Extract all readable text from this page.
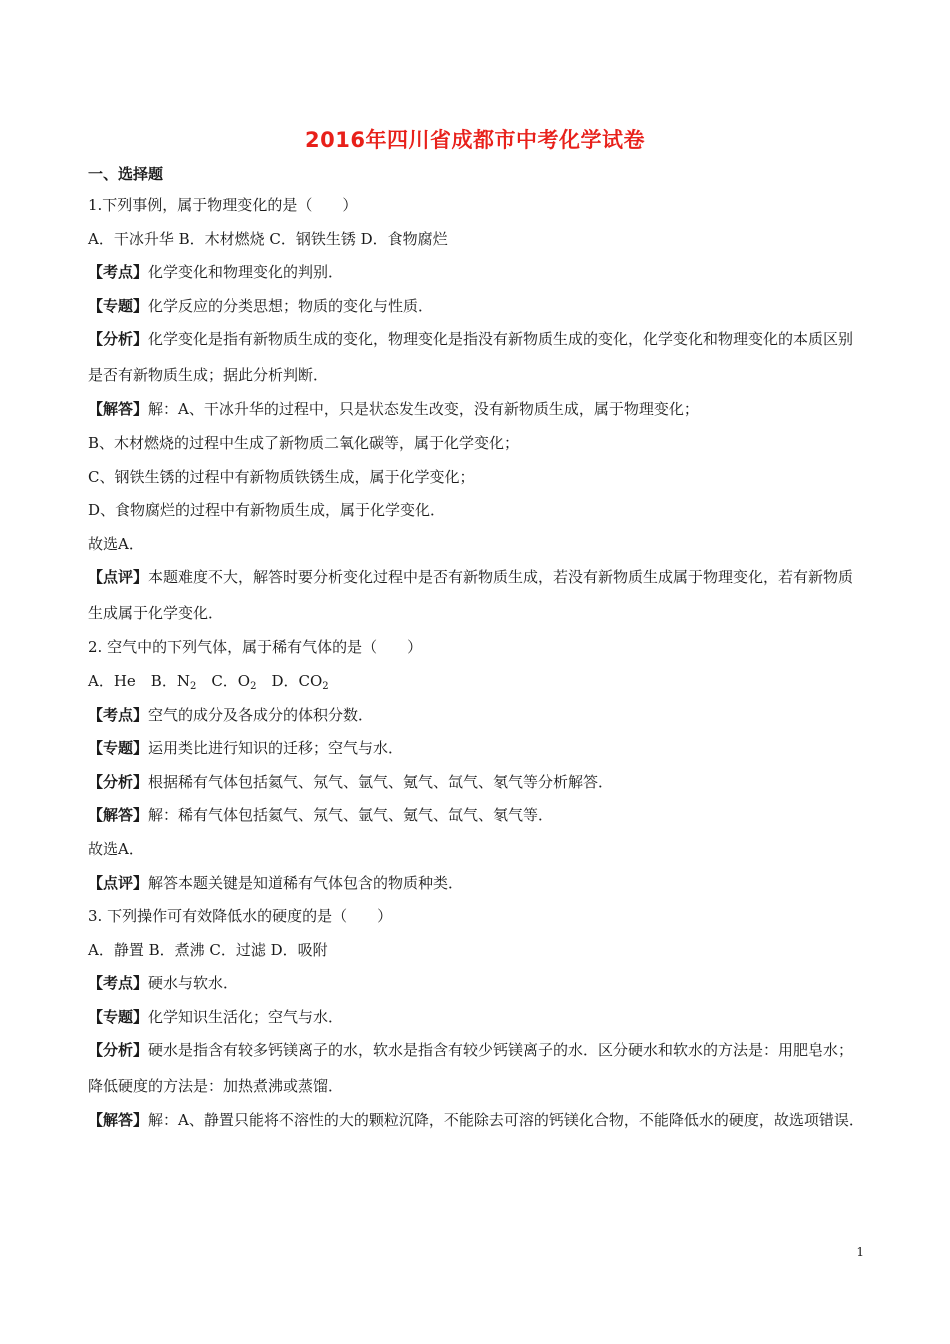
2016年四川省成都市中考化学试卷
一、选择题
1.下列事例，属于物理变化的是（　　）
A．干冰升华 B．木材燃烧 C．钢铁生锈 D．食物腐烂
【考点】化学变化和物理变化的判别．
【专题】化学反应的分类思想；物质的变化与性质．
【分析】化学变化是指有新物质生成的变化，物理变化是指没有新物质生成的变化，化学变化和物理变化的本质区别是否有新物质生成；据此分析判断．
【解答】解：A、干冰升华的过程中，只是状态发生改变，没有新物质生成，属于物理变化；
B、木材燃烧的过程中生成了新物质二氧化碳等，属于化学变化；
C、钢铁生锈的过程中有新物质铁锈生成，属于化学变化；
D、食物腐烂的过程中有新物质生成，属于化学变化．
故选A．
【点评】本题难度不大，解答时要分析变化过程中是否有新物质生成，若没有新物质生成属于物理变化，若有新物质生成属于化学变化．
2. 空气中的下列气体，属于稀有气体的是（　　）
A．He　B．$N_2$　C．$O_2$　D．$CO_2$
【考点】空气的成分及各成分的体积分数．
【专题】运用类比进行知识的迁移；空气与水．
【分析】根据稀有气体包括氦气、氖气、氩气、氪气、氙气、氡气等分析解答．
【解答】解：稀有气体包括氦气、氖气、氩气、氪气、氙气、氡气等．
故选A．
【点评】解答本题关键是知道稀有气体包含的物质种类．
3. 下列操作可有效降低水的硬度的是（　　）
A．静置 B．煮沸 C．过滤 D．吸附
【考点】硬水与软水．
【专题】化学知识生活化；空气与水．
【分析】硬水是指含有较多钙镁离子的水，软水是指含有较少钙镁离子的水．区分硬水和软水的方法是：用肥皂水；降低硬度的方法是：加热煮沸或蒸馏．
【解答】解：A、静置只能将不溶性的大的颗粒沉降，不能除去可溶的钙镁化合物，不能降低水的硬度，故选项错误．
1
